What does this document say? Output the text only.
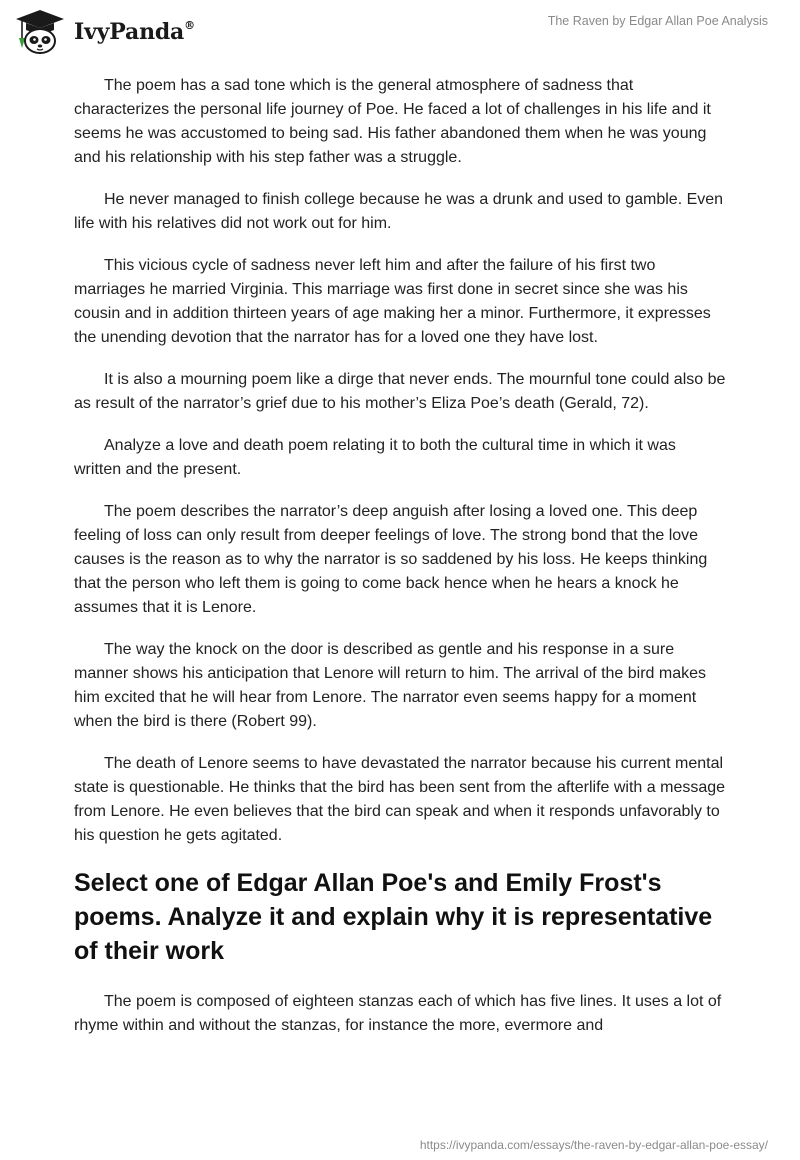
IvyPanda®	The Raven by Edgar Allan Poe Analysis

The poem has a sad tone which is the general atmosphere of sadness that characterizes the personal life journey of Poe. He faced a lot of challenges in his life and it seems he was accustomed to being sad. His father abandoned them when he was young and his relationship with his step father was a struggle.

He never managed to finish college because he was a drunk and used to gamble. Even life with his relatives did not work out for him.

This vicious cycle of sadness never left him and after the failure of his first two marriages he married Virginia. This marriage was first done in secret since she was his cousin and in addition thirteen years of age making her a minor. Furthermore, it expresses the unending devotion that the narrator has for a loved one they have lost.

It is also a mourning poem like a dirge that never ends. The mournful tone could also be as result of the narrator’s grief due to his mother’s Eliza Poe’s death (Gerald, 72).

Analyze a love and death poem relating it to both the cultural time in which it was written and the present.

The poem describes the narrator’s deep anguish after losing a loved one. This deep feeling of loss can only result from deeper feelings of love. The strong bond that the love causes is the reason as to why the narrator is so saddened by his loss. He keeps thinking that the person who left them is going to come back hence when he hears a knock he assumes that it is Lenore.

The way the knock on the door is described as gentle and his response in a sure manner shows his anticipation that Lenore will return to him. The arrival of the bird makes him excited that he will hear from Lenore. The narrator even seems happy for a moment when the bird is there (Robert 99).

The death of Lenore seems to have devastated the narrator because his current mental state is questionable. He thinks that the bird has been sent from the afterlife with a message from Lenore. He even believes that the bird can speak and when it responds unfavorably to his question he gets agitated.

Select one of Edgar Allan Poe's and Emily Frost's poems. Analyze it and explain why it is representative of their work

The poem is composed of eighteen stanzas each of which has five lines. It uses a lot of rhyme within and without the stanzas, for instance the more, evermore and

https://ivypanda.com/essays/the-raven-by-edgar-allan-poe-essay/
